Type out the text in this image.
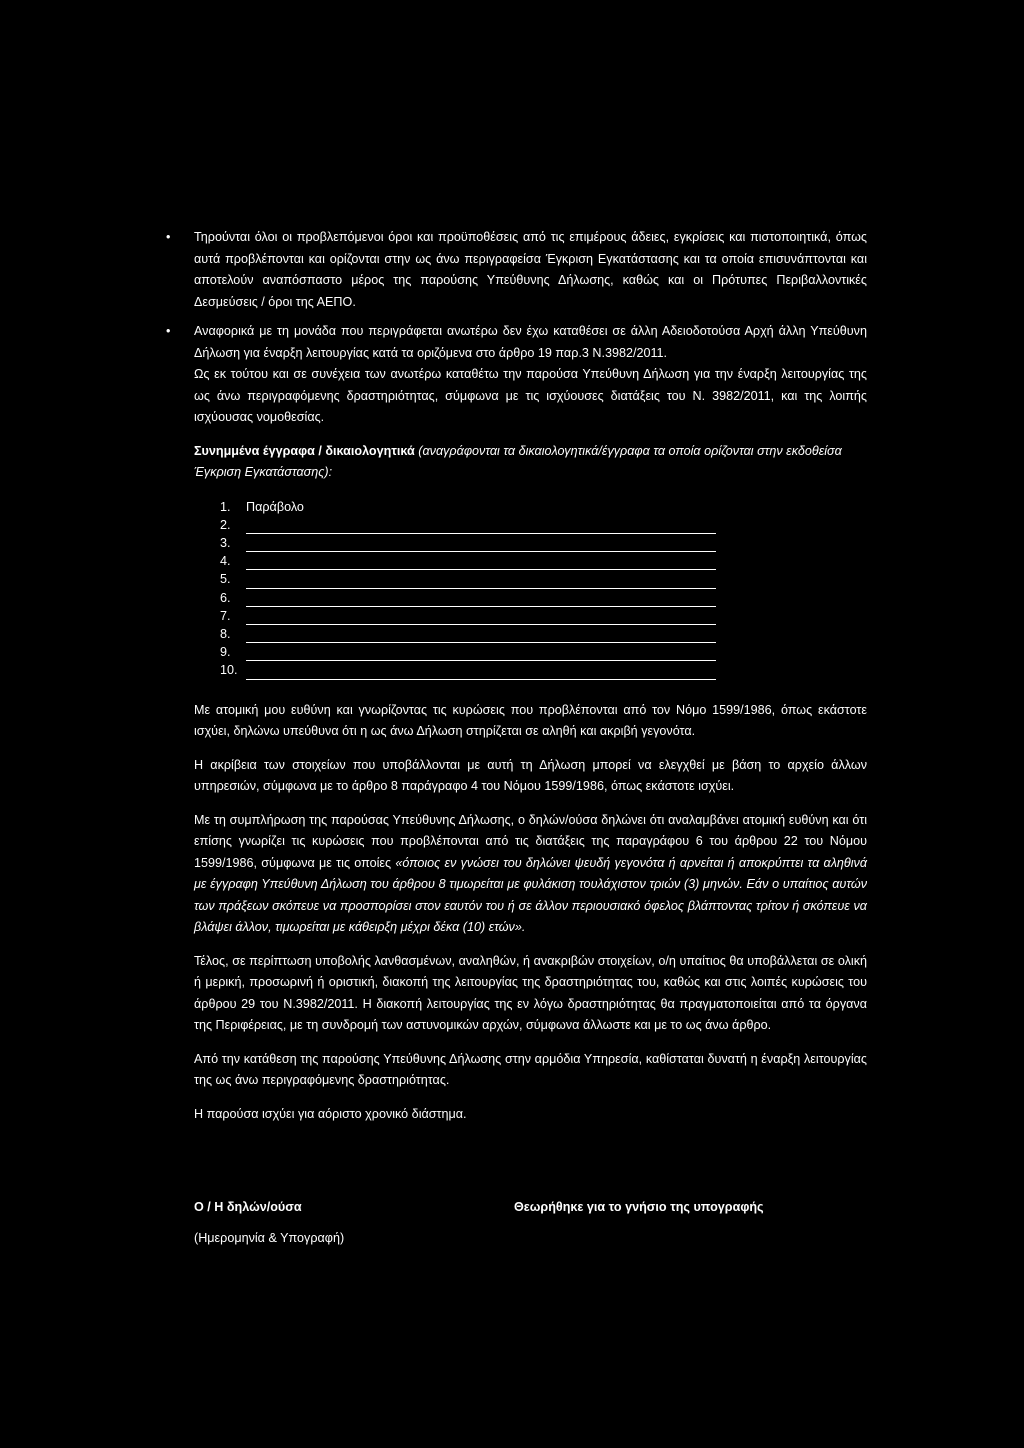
• Τηρούνται όλοι οι προβλεπόμενοι όροι και προϋποθέσεις από τις επιμέρους άδειες, εγκρίσεις και πιστοποιητικά, όπως αυτά προβλέπονται και ορίζονται στην ως άνω περιγραφείσα Έγκριση Εγκατάστασης και τα οποία επισυνάπτονται και αποτελούν αναπόσπαστο μέρος της παρούσης Υπεύθυνης Δήλωσης, καθώς και οι Πρότυπες Περιβαλλοντικές Δεσμεύσεις / όροι της ΑΕΠΟ.
• Αναφορικά με τη μονάδα που περιγράφεται ανωτέρω δεν έχω καταθέσει σε άλλη Αδειοδοτούσα Αρχή άλλη Υπεύθυνη Δήλωση για έναρξη λειτουργίας κατά τα οριζόμενα στο άρθρο 19 παρ.3 Ν.3982/2011.

Ως εκ τούτου και σε συνέχεια των ανωτέρω καταθέτω την παρούσα Υπεύθυνη Δήλωση για την έναρξη λειτουργίας της ως άνω περιγραφόμενης δραστηριότητας, σύμφωνα με τις ισχύουσες διατάξεις του Ν. 3982/2011, και της λοιπής ισχύουσας νομοθεσίας.

Συνημμένα έγγραφα / δικαιολογητικά (αναγράφονται τα δικαιολογητικά/έγγραφα τα οποία ορίζονται στην εκδοθείσα Έγκριση Εγκατάστασης):

1.	Παράβολο
2.
3.
4.
5.
6.
7.
8.
9.
10.

Με ατομική μου ευθύνη και γνωρίζοντας τις κυρώσεις που προβλέπονται από τον Νόμο 1599/1986, όπως εκάστοτε ισχύει, δηλώνω υπεύθυνα ότι η ως άνω Δήλωση στηρίζεται σε αληθή και ακριβή γεγονότα.

Η ακρίβεια των στοιχείων που υποβάλλονται με αυτή τη Δήλωση μπορεί να ελεγχθεί με βάση το αρχείο άλλων υπηρεσιών, σύμφωνα με το άρθρο 8 παράγραφο 4 του Νόμου 1599/1986, όπως εκάστοτε ισχύει.

Με τη συμπλήρωση της παρούσας Υπεύθυνης Δήλωσης, ο δηλών/ούσα δηλώνει ότι αναλαμβάνει ατομική ευθύνη και ότι επίσης γνωρίζει τις κυρώσεις που προβλέπονται από τις διατάξεις της παραγράφου 6 του άρθρου 22 του Νόμου 1599/1986, σύμφωνα με τις οποίες «όποιος εν γνώσει του δηλώνει ψευδή γεγονότα ή αρνείται ή αποκρύπτει τα αληθινά με έγγραφη Υπεύθυνη Δήλωση του άρθρου 8 τιμωρείται με φυλάκιση τουλάχιστον τριών (3) μηνών. Εάν ο υπαίτιος αυτών των πράξεων σκόπευε να προσπορίσει στον εαυτόν του ή σε άλλον περιουσιακό όφελος βλάπτοντας τρίτον ή σκόπευε να βλάψει άλλον, τιμωρείται με κάθειρξη μέχρι δέκα (10) ετών».

Τέλος, σε περίπτωση υποβολής λανθασμένων, αναληθών, ή ανακριβών στοιχείων, ο/η υπαίτιος θα υποβάλλεται σε ολική ή μερική, προσωρινή ή οριστική, διακοπή της λειτουργίας της δραστηριότητας του, καθώς και στις λοιπές κυρώσεις του άρθρου 29 του Ν.3982/2011. Η διακοπή λειτουργίας της εν λόγω δραστηριότητας θα πραγματοποιείται από τα όργανα της Περιφέρειας, με τη συνδρομή των αστυνομικών αρχών, σύμφωνα άλλωστε και με το ως άνω άρθρο.

Από την κατάθεση της παρούσης Υπεύθυνης Δήλωσης στην αρμόδια Υπηρεσία, καθίσταται δυνατή η έναρξη λειτουργίας της ως άνω περιγραφόμενης δραστηριότητας.

Η παρούσα ισχύει για αόριστο χρονικό διάστημα.

Ο / Η δηλών/ούσα	Θεωρήθηκε για το γνήσιο της υπογραφής
(Ημερομηνία & Υπογραφή)
